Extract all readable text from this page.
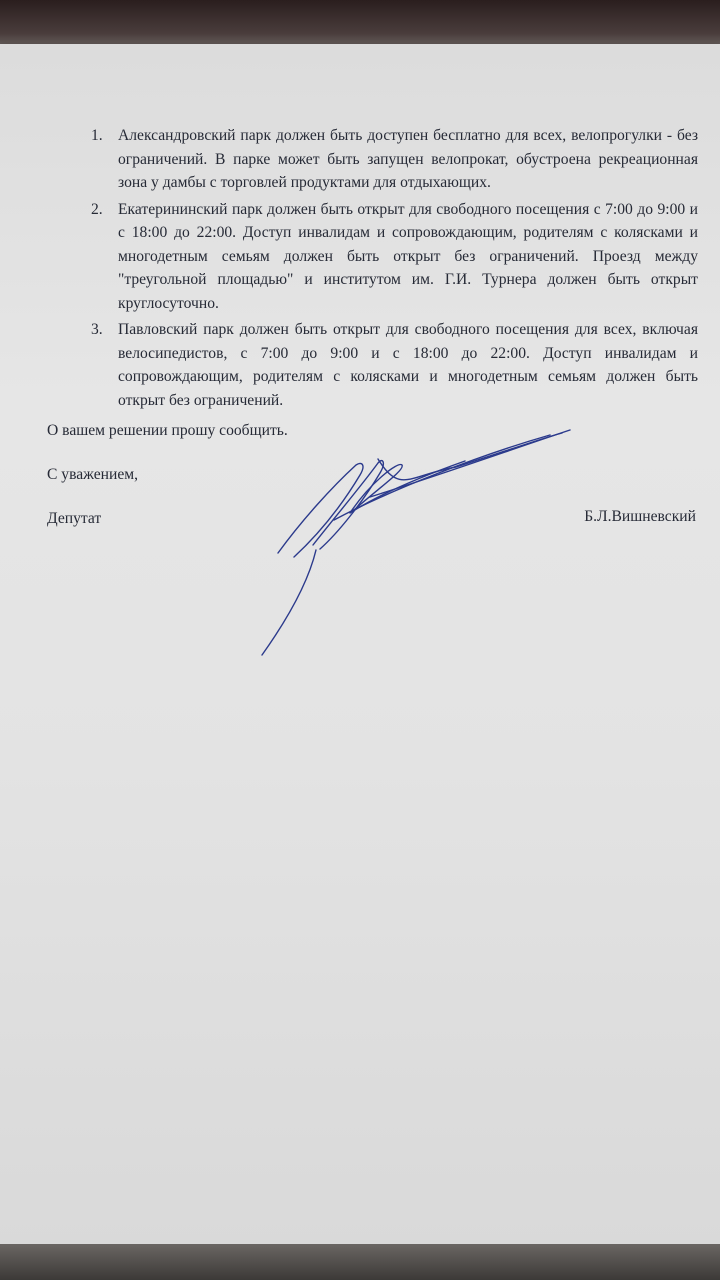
1. Александровский парк должен быть доступен бесплатно для всех, велопрогулки - без ограничений. В парке может быть запущен велопрокат, обустроена рекреационная зона у дамбы с торговлей продуктами для отдыхающих.
2. Екатерининский парк должен быть открыт для свободного посещения с 7:00 до 9:00 и с 18:00 до 22:00. Доступ инвалидам и сопровождающим, родителям с колясками и многодетным семьям должен быть открыт без ограничений. Проезд между "треугольной площадью" и институтом им. Г.И. Турнера должен быть открыт круглосуточно.
3. Павловский парк должен быть открыт для свободного посещения для всех, включая велосипедистов, с 7:00 до 9:00 и с 18:00 до 22:00. Доступ инвалидам и сопровождающим, родителям с колясками и многодетным семьям должен быть открыт без ограничений.
О вашем решении прошу сообщить.
С уважением,
Депутат	Б.Л.Вишневский
